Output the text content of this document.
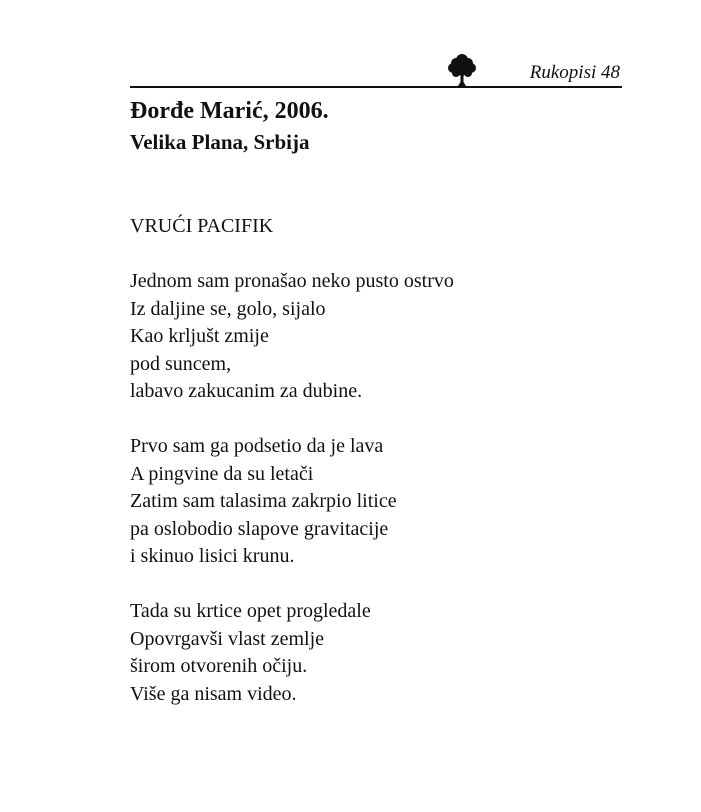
Rukopisi 48
Đorđe Marić, 2006.
Velika Plana, Srbija
VRUĆI PACIFIK
Jednom sam pronašao neko pusto ostrvo
Iz daljine se, golo, sijalo
Kao krljušt zmije
pod suncem,
labavo zakucanim za dubine.
Prvo sam ga podsetio da je lava
A pingvine da su letači
Zatim sam talasima zakrpio litice
pa oslobodio slapove gravitacije
i skinuo lisici krunu.
Tada su krtice opet progledale
Opovrgavši vlast zemlje
širom otvorenih očiju.
Više ga nisam video.
